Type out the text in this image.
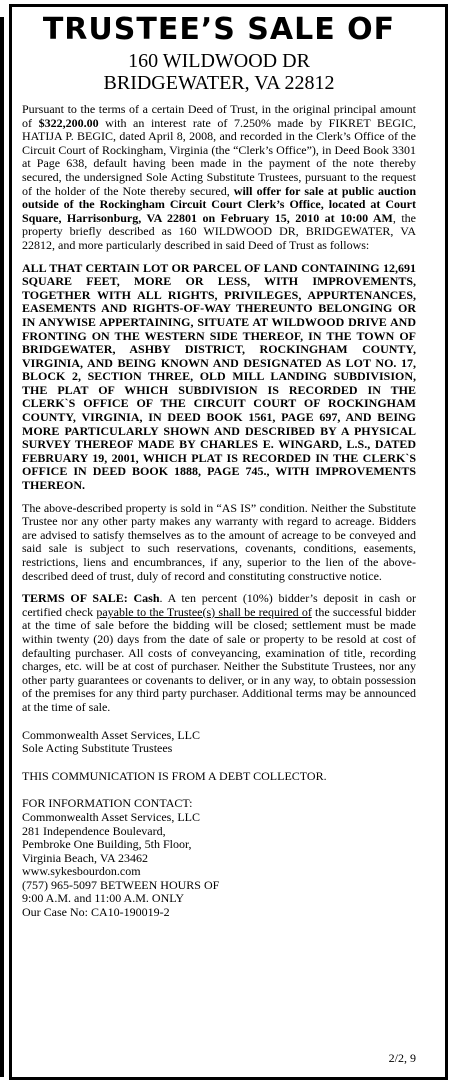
TRUSTEE’S SALE OF
160 WILDWOOD DR
BRIDGEWATER, VA 22812

Pursuant to the terms of a certain Deed of Trust, in the original principal amount of $322,200.00 with an interest rate of 7.250% made by FIKRET BEGIC, HATIJA P. BEGIC, dated April 8, 2008, and recorded in the Clerk’s Office of the Circuit Court of Rockingham, Virginia (the “Clerk’s Office”), in Deed Book 3301 at Page 638, default having been made in the payment of the note thereby secured, the undersigned Sole Acting Substitute Trustees, pursuant to the request of the holder of the Note thereby secured, will offer for sale at public auction outside of the Rockingham Circuit Court Clerk’s Office, located at Court Square, Harrisonburg, VA 22801 on February 15, 2010 at 10:00 AM, the property briefly described as 160 WILDWOOD DR, BRIDGEWATER, VA 22812, and more particularly described in said Deed of Trust as follows:

ALL THAT CERTAIN LOT OR PARCEL OF LAND CONTAINING 12,691 SQUARE FEET, MORE OR LESS, WITH IMPROVEMENTS, TOGETHER WITH ALL RIGHTS, PRIVILEGES, APPURTENANCES, EASEMENTS AND RIGHTS-OF-WAY THEREUNTO BELONGING OR IN ANYWISE APPERTAINING, SITUATE AT WILDWOOD DRIVE AND FRONTING ON THE WESTERN SIDE THEREOF, IN THE TOWN OF BRIDGEWATER, ASHBY DISTRICT, ROCKINGHAM COUNTY, VIRGINIA, AND BEING KNOWN AND DESIGNATED AS LOT NO. 17, BLOCK 2, SECTION THREE, OLD MILL LANDING SUBDIVISION, THE PLAT OF WHICH SUBDIVISION IS RECORDED IN THE CLERK`S OFFICE OF THE CIRCUIT COURT OF ROCKINGHAM COUNTY, VIRGINIA, IN DEED BOOK 1561, PAGE 697, AND BEING MORE PARTICULARLY SHOWN AND DESCRIBED BY A PHYSICAL SURVEY THEREOF MADE BY CHARLES E. WINGARD, L.S., DATED FEBRUARY 19, 2001, WHICH PLAT IS RECORDED IN THE CLERK`S OFFICE IN DEED BOOK 1888, PAGE 745., WITH IMPROVEMENTS THEREON.

The above-described property is sold in “AS IS” condition. Neither the Substitute Trustee nor any other party makes any warranty with regard to acreage. Bidders are advised to satisfy themselves as to the amount of acreage to be conveyed and said sale is subject to such reservations, covenants, conditions, easements, restrictions, liens and encumbrances, if any, superior to the lien of the above-described deed of trust, duly of record and constituting constructive notice.

TERMS OF SALE: Cash. A ten percent (10%) bidder’s deposit in cash or certified check payable to the Trustee(s) shall be required of the successful bidder at the time of sale before the bidding will be closed; settlement must be made within twenty (20) days from the date of sale or property to be resold at cost of defaulting purchaser. All costs of conveyancing, examination of title, recording charges, etc. will be at cost of purchaser. Neither the Substitute Trustees, nor any other party guarantees or covenants to deliver, or in any way, to obtain possession of the premises for any third party purchaser. Additional terms may be announced at the time of sale.

Commonwealth Asset Services, LLC
Sole Acting Substitute Trustees
THIS COMMUNICATION IS FROM A DEBT COLLECTOR.
FOR INFORMATION CONTACT:
Commonwealth Asset Services, LLC
281 Independence Boulevard,
Pembroke One Building, 5th Floor,
Virginia Beach, VA 23462
www.sykesbourdon.com
(757) 965-5097 BETWEEN HOURS OF
9:00 A.M. and 11:00 A.M. ONLY
Our Case No: CA10-190019-2
2/2, 9
